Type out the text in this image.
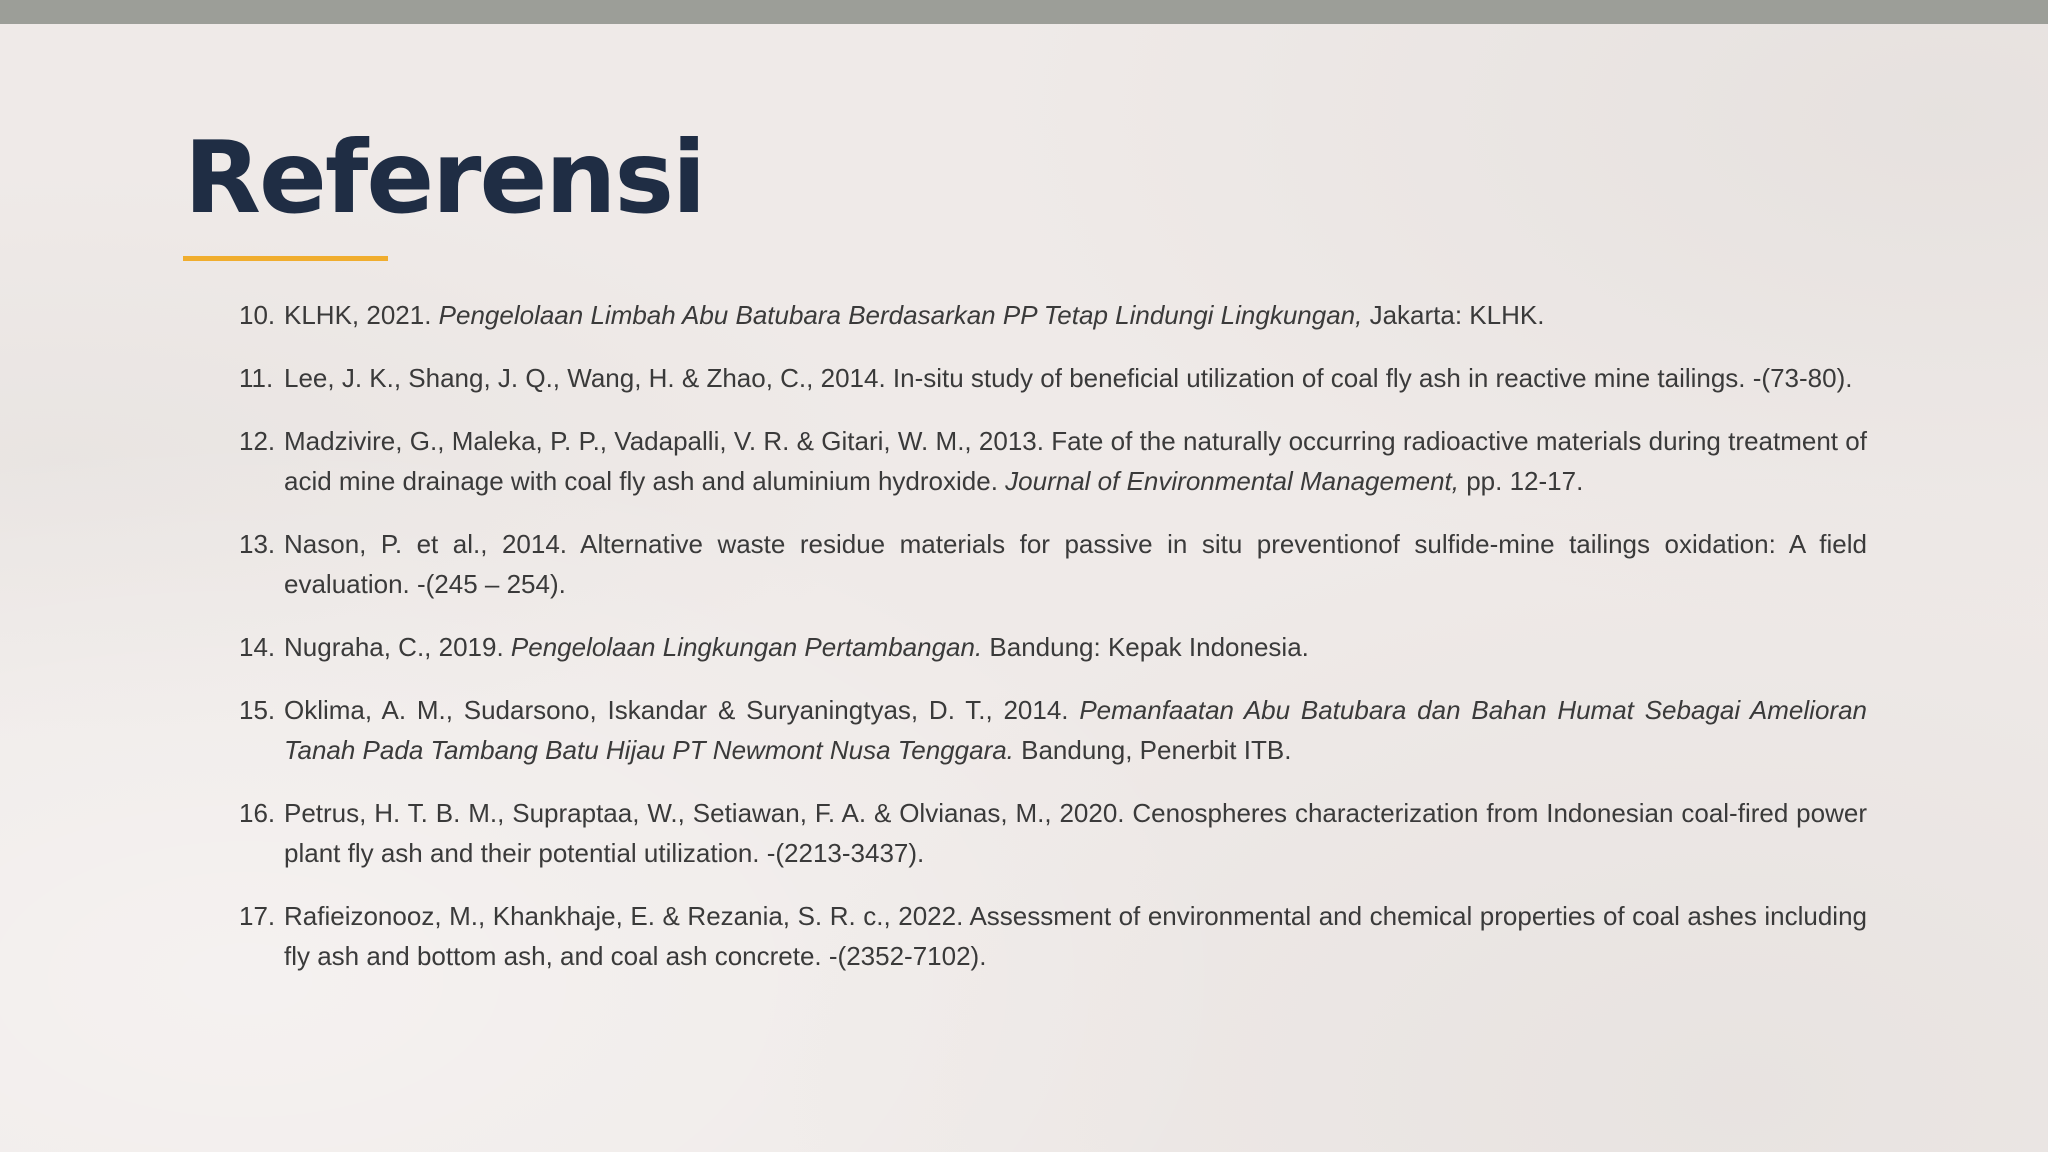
Referensi
10. KLHK, 2021. Pengelolaan Limbah Abu Batubara Berdasarkan PP Tetap Lindungi Lingkungan, Jakarta: KLHK.
11. Lee, J. K., Shang, J. Q., Wang, H. & Zhao, C., 2014. In-situ study of beneficial utilization of coal fly ash in reactive mine tailings. -(73-80).
12. Madzivire, G., Maleka, P. P., Vadapalli, V. R. & Gitari, W. M., 2013. Fate of the naturally occurring radioactive materials during treatment of acid mine drainage with coal fly ash and aluminium hydroxide. Journal of Environmental Management, pp. 12-17.
13. Nason, P. et al., 2014. Alternative waste residue materials for passive in situ preventionof sulfide-mine tailings oxidation: A field evaluation. -(245 – 254).
14. Nugraha, C., 2019. Pengelolaan Lingkungan Pertambangan. Bandung: Kepak Indonesia.
15. Oklima, A. M., Sudarsono, Iskandar & Suryaningtyas, D. T., 2014. Pemanfaatan Abu Batubara dan Bahan Humat Sebagai Amelioran Tanah Pada Tambang Batu Hijau PT Newmont Nusa Tenggara. Bandung, Penerbit ITB.
16. Petrus, H. T. B. M., Supraptaa, W., Setiawan, F. A. & Olvianas, M., 2020. Cenospheres characterization from Indonesian coal-fired power plant fly ash and their potential utilization. -(2213-3437).
17. Rafieizonooz, M., Khankhaje, E. & Rezania, S. R. c., 2022. Assessment of environmental and chemical properties of coal ashes including fly ash and bottom ash, and coal ash concrete. -(2352-7102).
